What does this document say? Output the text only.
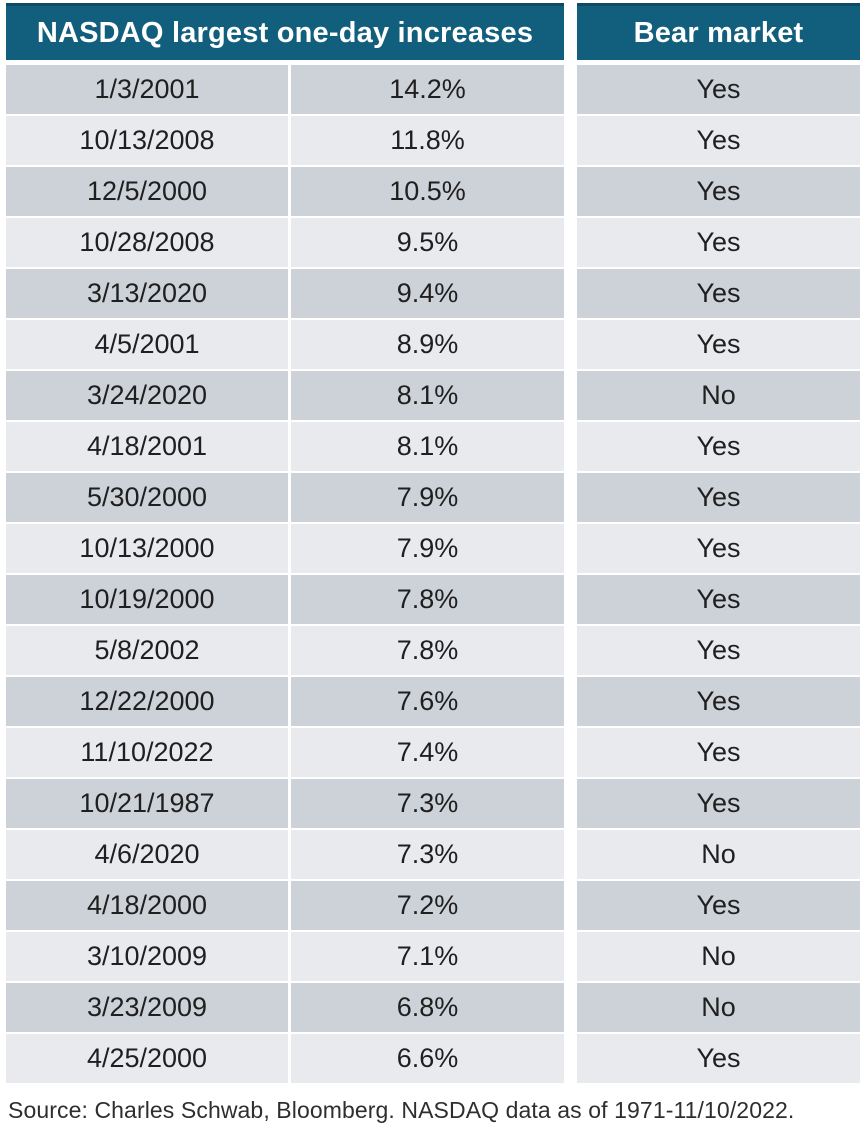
NASDAQ largest one-day increases	Bear market
1/3/2001	14.2%	Yes
10/13/2008	11.8%	Yes
12/5/2000	10.5%	Yes
10/28/2008	9.5%	Yes
3/13/2020	9.4%	Yes
4/5/2001	8.9%	Yes
3/24/2020	8.1%	No
4/18/2001	8.1%	Yes
5/30/2000	7.9%	Yes
10/13/2000	7.9%	Yes
10/19/2000	7.8%	Yes
5/8/2002	7.8%	Yes
12/22/2000	7.6%	Yes
11/10/2022	7.4%	Yes
10/21/1987	7.3%	Yes
4/6/2020	7.3%	No
4/18/2000	7.2%	Yes
3/10/2009	7.1%	No
3/23/2009	6.8%	No
4/25/2000	6.6%	Yes
Source: Charles Schwab, Bloomberg. NASDAQ data as of 1971-11/10/2022.
